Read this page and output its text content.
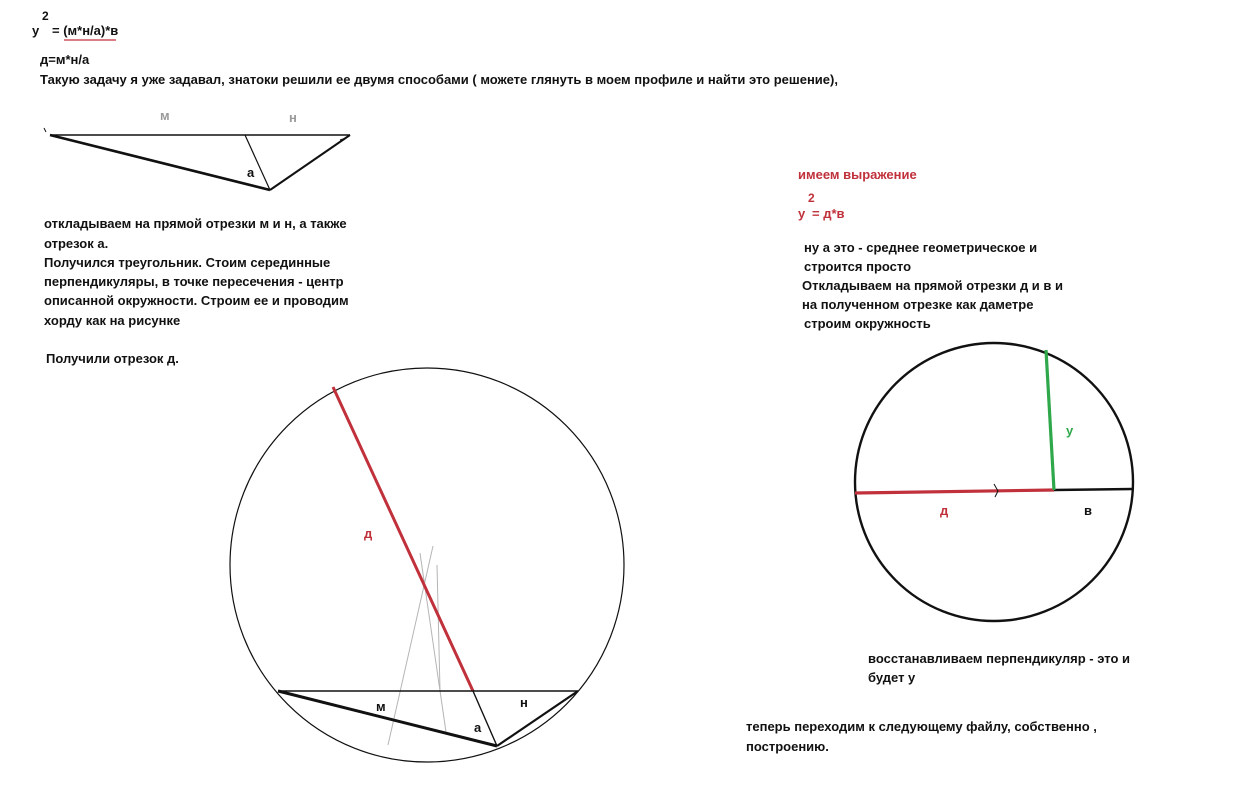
у
2
= (м*н/а)*в
д=м*н/а
Такую задачу я уже задавал, знатоки решили ее двумя способами ( можете глянуть в моем профиле и найти это решение),
откладываем на прямой отрезки м и н, а также
отрезок а.
Получился треугольник. Стоим серединные
перпендикуляры, в точке пересечения - центр
описанной окружности. Строим ее и проводим
хорду как на рисунке
Получили отрезок д.
имеем выражение
у
2
= д*в
ну а это - среднее геометрическое и
строится просто
Откладываем на прямой отрезки д и в и
на полученном отрезке как даметре
строим окружность
восстанавливаем перпендикуляр - это и
будет у
теперь переходим к следующему файлу, собственно ,
построению.
м	н
а
д
м	н
а
у
д	в
